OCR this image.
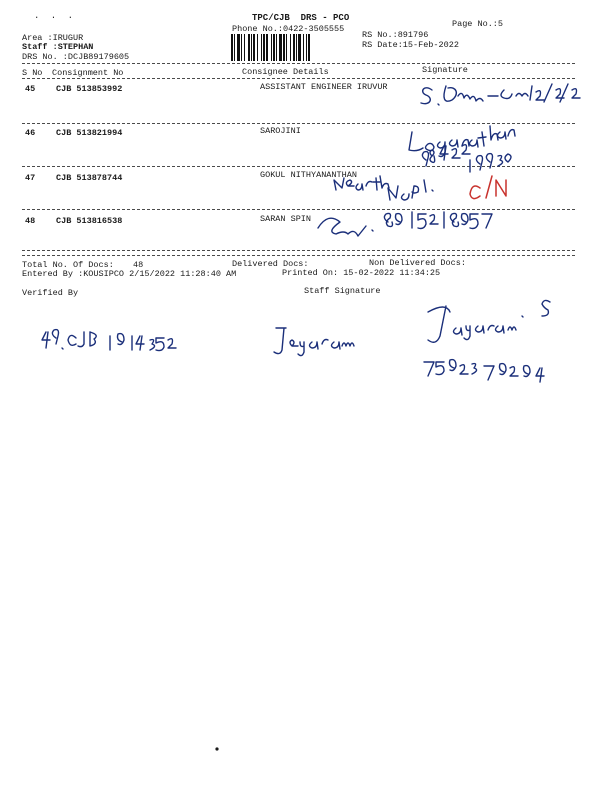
. . .	TPC/CJB  DRS - PCO
Phone No.:0422-3505555	Page No.:5
Area :IRUGUR
Staff :STEPHAN
DRS No. :DCJB89179605
RS No.:891796
RS Date:15-Feb-2022
S No Consignment No	Consignee Details	Signature
45 CJB 513853992	ASSISTANT ENGINEER IRUVUR
46 CJB 513821994	SAROJINI
47 CJB 513878744	GOKUL NITHYANANTHAN
48 CJB 513816538	SARAN SPIN
Total No. Of Docs: 48	Delivered Docs:	Non Delivered Docs:
Entered By :KOUSIPCO 2/15/2022 11:28:40 AM	Printed On: 15-02-2022 11:34:25
Verified By	Staff Signature
